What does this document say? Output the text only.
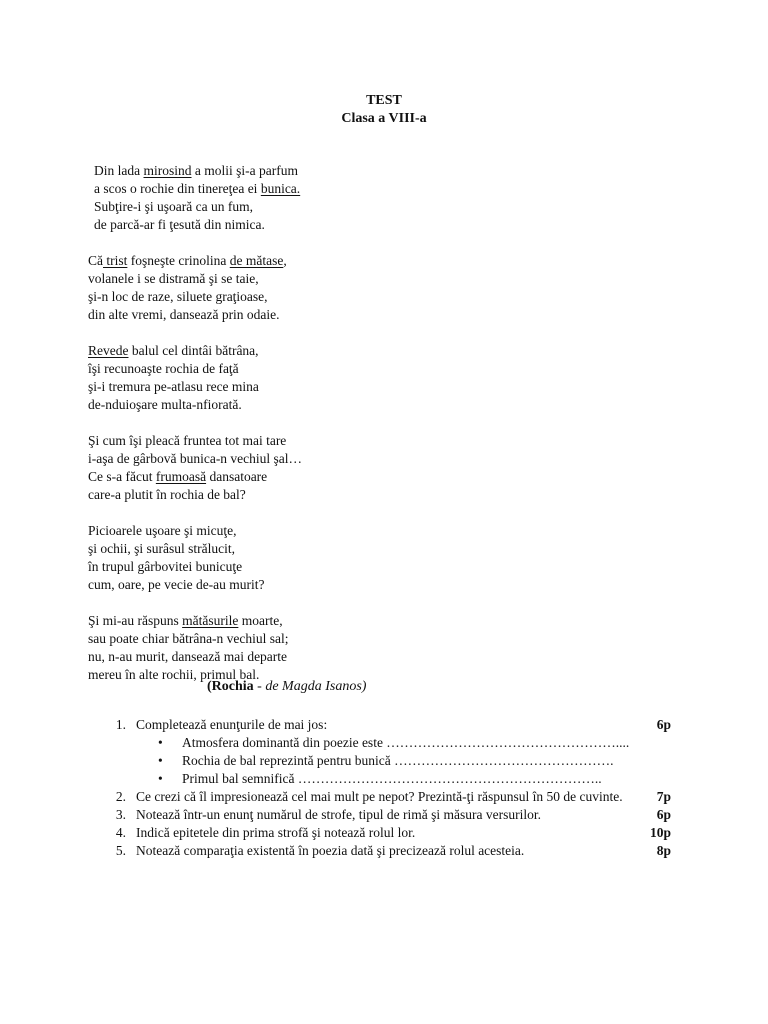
TEST
Clasa a VIII-a
Din lada mirosind a molii şi-a parfum
a scos o rochie din tinereţea ei bunica.
Subţire-i şi uşoară ca un fum,
de parcă-ar fi ţesută din nimica.
Că trist foşneşte crinolina de mătase,
volanele i se distramă şi se taie,
şi-n loc de raze, siluete graţioase,
din alte vremi, dansează prin odaie.
Revede balul cel dintâi bătrâna,
îşi recunoaşte rochia de faţă
şi-i tremura pe-atlasu rece mina
de-nduioşare multa-nfiorată.
Şi cum îşi pleacă fruntea tot mai tare
i-aşa de gârbovă bunica-n vechiul şal…
Ce s-a făcut frumoasă dansatoare
care-a plutit în rochia de bal?
Picioarele uşoare şi micuţe,
şi ochii, şi surâsul strălucit,
în trupul gârbovitei bunicuţe
cum, oare, pe vecie de-au murit?
Şi mi-au răspuns mătăsurile moarte,
sau poate chiar bătrâna-n vechiul sal;
nu, n-au murit, dansează mai departe
mereu în alte rochii, primul bal.
(Rochia - de Magda Isanos)
1. Completează enunţurile de mai jos:	6p
• Atmosfera dominantă din poezie este ……………………………………………....
• Rochia de bal reprezintă pentru bunică ………………………………………….
• Primul bal semnifică …………………………………………………………..
2. Ce crezi că îl impresionează cel mai mult pe nepot? Prezintă-ţi răspunsul în 50 de cuvinte.	7p
3. Notează într-un enunţ numărul de strofe, tipul de rimă şi măsura versurilor.	6p
4. Indică epitetele din prima strofă şi notează rolul lor.	10p
5. Notează comparaţia existentă în poezia dată şi precizează rolul acesteia.	8p
